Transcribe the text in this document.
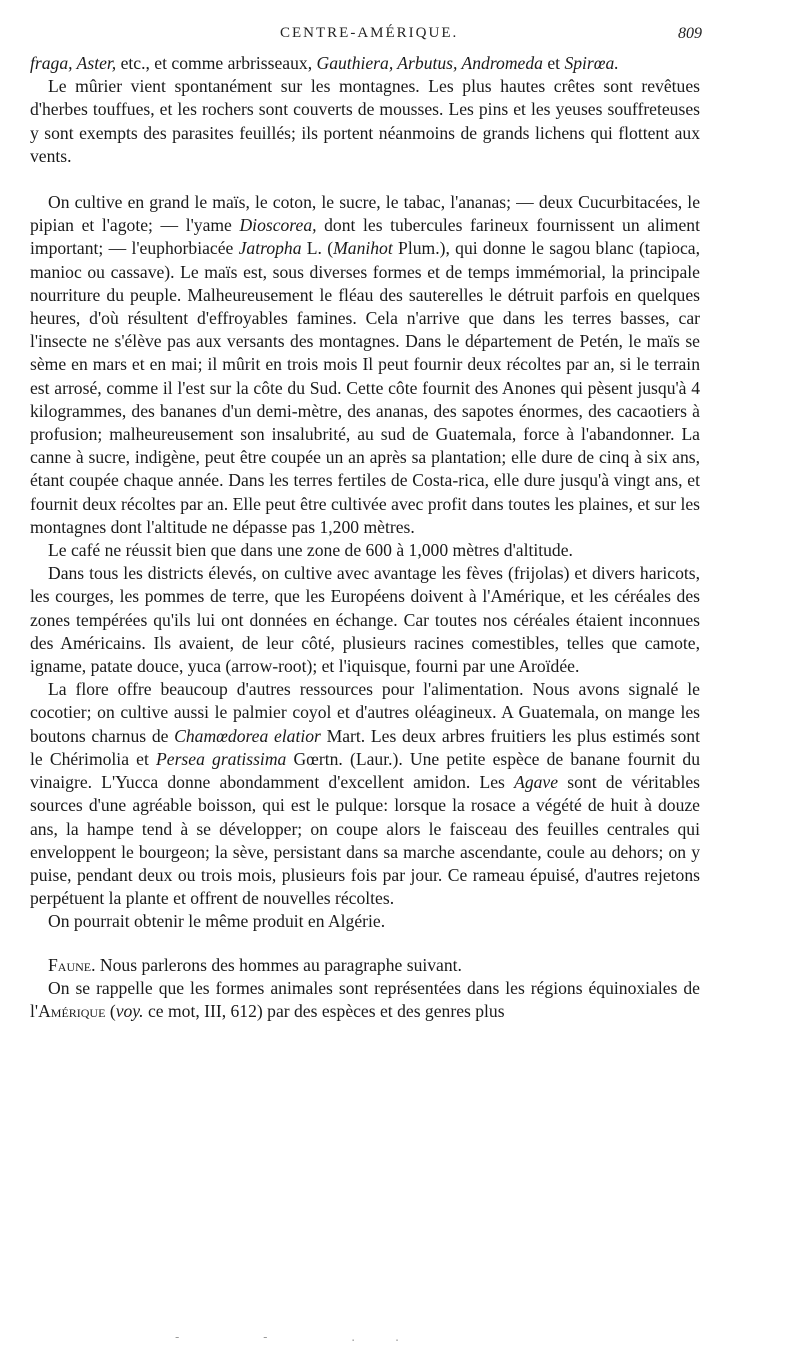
CENTRE-AMÉRIQUE.	809

fraga, Aster, etc., et comme arbrisseaux, Gauthiera, Arbutus, Andromeda et Spirœa.

Le mûrier vient spontanément sur les montagnes. Les plus hautes crêtes sont revêtues d'herbes touffues, et les rochers sont couverts de mousses. Les pins et les yeuses souffreteuses y sont exempts des parasites feuillés; ils portent néanmoins de grands lichens qui flottent aux vents.

On cultive en grand le maïs, le coton, le sucre, le tabac, l'ananas; — deux Cucurbitacées, le pipian et l'agote; — l'yame Dioscorea, dont les tubercules farineux fournissent un aliment important; — l'euphorbiacée Jatropha L. (Manihot Plum.), qui donne le sagou blanc (tapioca, manioc ou cassave). Le maïs est, sous diverses formes et de temps immémorial, la principale nourriture du peuple. Malheureusement le fléau des sauterelles le détruit parfois en quelques heures, d'où résultent d'effroyables famines. Cela n'arrive que dans les terres basses, car l'insecte ne s'élève pas aux versants des montagnes. Dans le département de Petén, le maïs se sème en mars et en mai; il mûrit en trois mois Il peut fournir deux récoltes par an, si le terrain est arrosé, comme il l'est sur la côte du Sud. Cette côte fournit des Anones qui pèsent jusqu'à 4 kilogrammes, des bananes d'un demi-mètre, des ananas, des sapotes énormes, des cacaotiers à profusion; malheureusement son insalubrité, au sud de Guatemala, force à l'abandonner. La canne à sucre, indigène, peut être coupée un an après sa plantation; elle dure de cinq à six ans, étant coupée chaque année. Dans les terres fertiles de Costa-rica, elle dure jusqu'à vingt ans, et fournit deux récoltes par an. Elle peut être cultivée avec profit dans toutes les plaines, et sur les montagnes dont l'altitude ne dépasse pas 1,200 mètres.

Le café ne réussit bien que dans une zone de 600 à 1,000 mètres d'altitude.

Dans tous les districts élevés, on cultive avec avantage les fèves (frijolas) et divers haricots, les courges, les pommes de terre, que les Européens doivent à l'Amérique, et les céréales des zones tempérées qu'ils lui ont données en échange. Car toutes nos céréales étaient inconnues des Américains. Ils avaient, de leur côté, plusieurs racines comestibles, telles que camote, igname, patate douce, yuca (arrow-root); et l'iquisque, fourni par une Aroïdée.

La flore offre beaucoup d'autres ressources pour l'alimentation. Nous avons signalé le cocotier; on cultive aussi le palmier coyol et d'autres oléagineux. A Guatemala, on mange les boutons charnus de Chamœdorea elatior Mart. Les deux arbres fruitiers les plus estimés sont le Chérimolia et Persea gratissima Gœrtn. (Laur.). Une petite espèce de banane fournit du vinaigre. L'Yucca donne abondamment d'excellent amidon. Les Agave sont de véritables sources d'une agréable boisson, qui est le pulque: lorsque la rosace a végété de huit à douze ans, la hampe tend à se développer; on coupe alors le faisceau des feuilles centrales qui enveloppent le bourgeon; la sève, persistant dans sa marche ascendante, coule au dehors; on y puise, pendant deux ou trois mois, plusieurs fois par jour. Ce rameau épuisé, d'autres rejetons perpétuent la plante et offrent de nouvelles récoltes.

On pourrait obtenir le même produit en Algérie.

Faune. Nous parlerons des hommes au paragraphe suivant.

On se rappelle que les formes animales sont représentées dans les régions équinoxiales de l'Amérique (voy. ce mot, III, 612) par des espèces et des genres plus

- - ..
